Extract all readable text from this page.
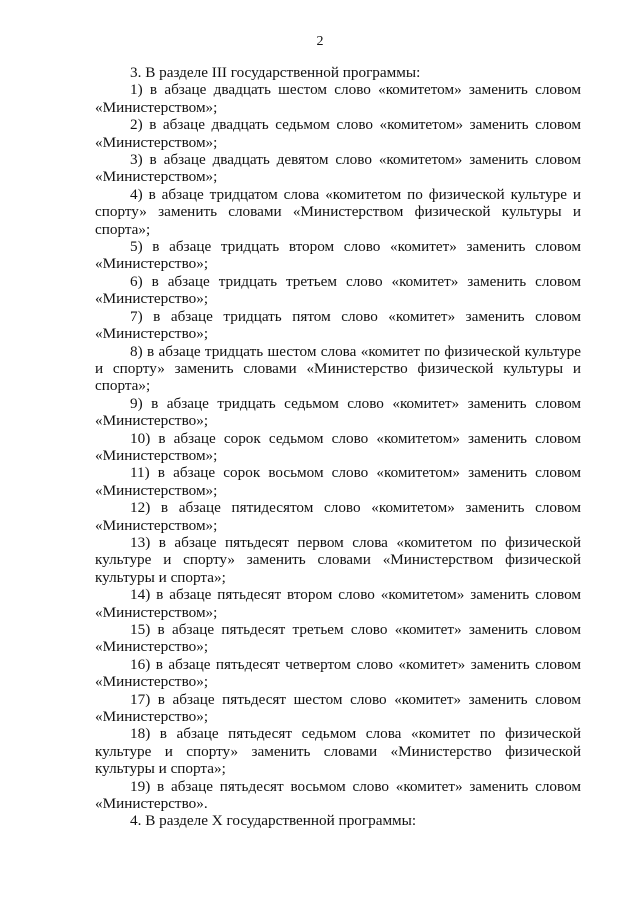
2

3. В разделе III государственной программы:

1) в абзаце двадцать шестом слово «комитетом» заменить словом «Министерством»;

2) в абзаце двадцать седьмом слово «комитетом» заменить словом «Министерством»;

3) в абзаце двадцать девятом слово «комитетом» заменить словом «Министерством»;

4) в абзаце тридцатом слова «комитетом по физической культуре и спорту» заменить словами «Министерством физической культуры и спорта»;

5) в абзаце тридцать втором слово «комитет» заменить словом «Министерство»;

6) в абзаце тридцать третьем слово «комитет» заменить словом «Министерство»;

7) в абзаце тридцать пятом слово «комитет» заменить словом «Министерство»;

8) в абзаце тридцать шестом слова «комитет по физической культуре и спорту» заменить словами «Министерство физической культуры и спорта»;

9) в абзаце тридцать седьмом слово «комитет» заменить словом «Министерство»;

10) в абзаце сорок седьмом слово «комитетом» заменить словом «Министерством»;

11) в абзаце сорок восьмом слово «комитетом» заменить словом «Министерством»;

12) в абзаце пятидесятом слово «комитетом» заменить словом «Министерством»;

13) в абзаце пятьдесят первом слова «комитетом по физической культуре и спорту» заменить словами «Министерством физической культуры и спорта»;

14) в абзаце пятьдесят втором слово «комитетом» заменить словом «Министерством»;

15) в абзаце пятьдесят третьем слово «комитет» заменить словом «Министерство»;

16) в абзаце пятьдесят четвертом слово «комитет» заменить словом «Министерство»;

17) в абзаце пятьдесят шестом слово «комитет» заменить словом «Министерство»;

18) в абзаце пятьдесят седьмом слова «комитет по физической культуре и спорту» заменить словами «Министерство физической культуры и спорта»;

19) в абзаце пятьдесят восьмом слово «комитет» заменить словом «Министерство».

4. В разделе X государственной программы:
